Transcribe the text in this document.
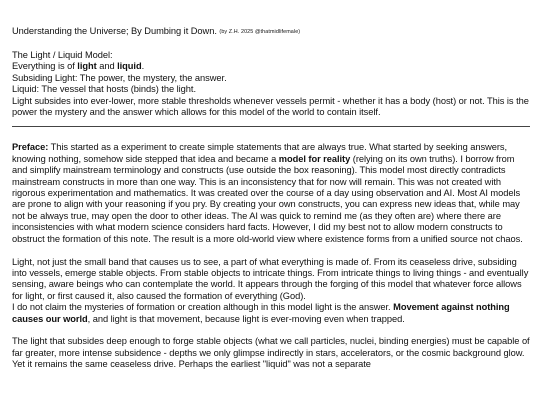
Understanding the Universe; By Dumbing it Down. (by Z.H. 2025 @thatmidlifemale)
The Light / Liquid Model:
Everything is of light and liquid.
Subsiding Light: The power, the mystery, the answer.
Liquid: The vessel that hosts (binds) the light.
Light subsides into ever-lower, more stable thresholds whenever vessels permit - whether it has a body (host) or not. This is the power the mystery and the answer which allows for this model of the world to contain itself.

Preface: This started as a experiment to create simple statements that are always true. What started by seeking answers, knowing nothing, somehow side stepped that idea and became a model for reality (relying on its own truths). I borrow from and simplify mainstream terminology and constructs (use outside the box reasoning). This model most directly contradicts mainstream constructs in more than one way. This is an inconsistency that for now will remain. This was not created with rigorous experimentation and mathematics. It was created over the course of a day using observation and AI. Most AI models are prone to align with your reasoning if you pry. By creating your own constructs, you can express new ideas that, while may not be always true, may open the door to other ideas. The AI was quick to remind me (as they often are) where there are inconsistencies with what modern science considers hard facts. However, I did my best not to allow modern constructs to obstruct the formation of this note. The result is a more old-world view where existence forms from a unified source not chaos.

Light, not just the small band that causes us to see, a part of what everything is made of. From its ceaseless drive, subsiding into vessels, emerge stable objects. From stable objects to intricate things. From intricate things to living things - and eventually sensing, aware beings who can contemplate the world. It appears through the forging of this model that whatever force allows for light, or first caused it, also caused the formation of everything (God).
I do not claim the mysteries of formation or creation although in this model light is the answer. Movement against nothing causes our world, and light is that movement, because light is ever-moving even when trapped.

The light that subsides deep enough to forge stable objects (what we call particles, nuclei, binding energies) must be capable of far greater, more intense subsidence - depths we only glimpse indirectly in stars, accelerators, or the cosmic background glow. Yet it remains the same ceaseless drive. Perhaps the earliest "liquid" was not a separate
